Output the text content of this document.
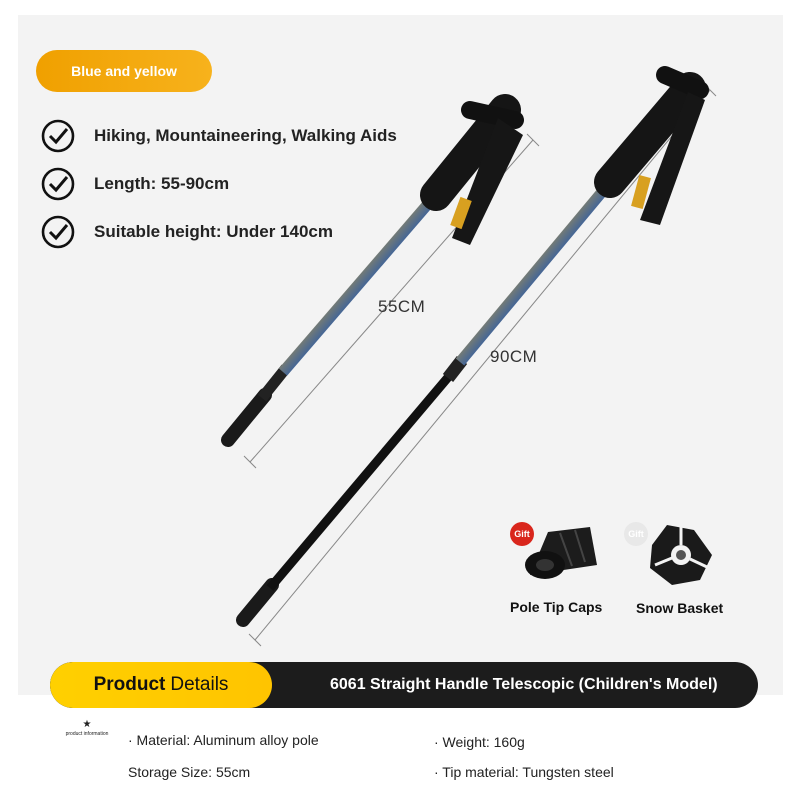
Blue and yellow
Hiking, Mountaineering, Walking Aids
Length: 55-90cm
Suitable height: Under 140cm
55CM
90CM
Gift	Gift
Pole Tip Caps Snow Basket
Product Details	6061 Straight Handle Telescopic (Children's Model)
★
product information · Material: Aluminum alloy pole
Storage Size: 55cm
· Weight: 160g
· Tip material: Tungsten steel
